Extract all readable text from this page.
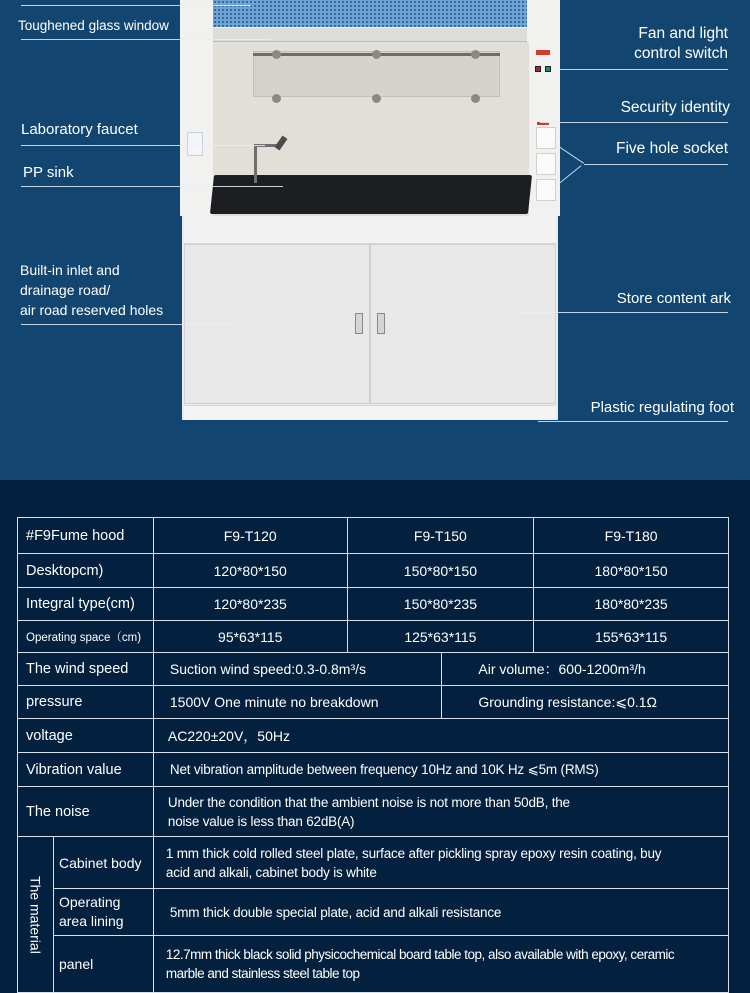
Toughened glass window
Laboratory faucet
PP sink
Built-in inlet and
drainage road/
air road reserved holes
Fan and light
control switch
Security identity
Five hole socket
Store content ark
Plastic regulating foot
#F9Fume hood		F9-T120	F9-T150		F9-T180
Desktopcm)		120*80*150	150*80*150		180*80*150
Integral type(cm)		120*80*235	150*80*235		180*80*235
Operating space（cm)		95*63*115	125*63*115		155*63*115
The wind speed		Suction wind speed:0.3-0.8m³/s		Air volume：600-1200m³/h	
pressure		1500V One minute no breakdown		Grounding resistance:⩽0.1Ω	
voltage		AC220±20V，50Hz			
Vibration value		Net vibration amplitude between frequency 10Hz and 10K Hz ⩽5m (RMS)			
The noise		Under the condition that the ambient noise is not more than 50dB, the noise value is less than 62dB(A)			
The material	Cabinet body	1 mm thick cold rolled steel plate, surface after pickling spray epoxy resin coating, buy acid and alkali, cabinet body is white			
	Operating area lining	5mm thick double special plate, acid and alkali resistance			
	panel	12.7mm thick black solid physicochemical board table top, also available with epoxy, ceramic marble and stainless steel table top			
